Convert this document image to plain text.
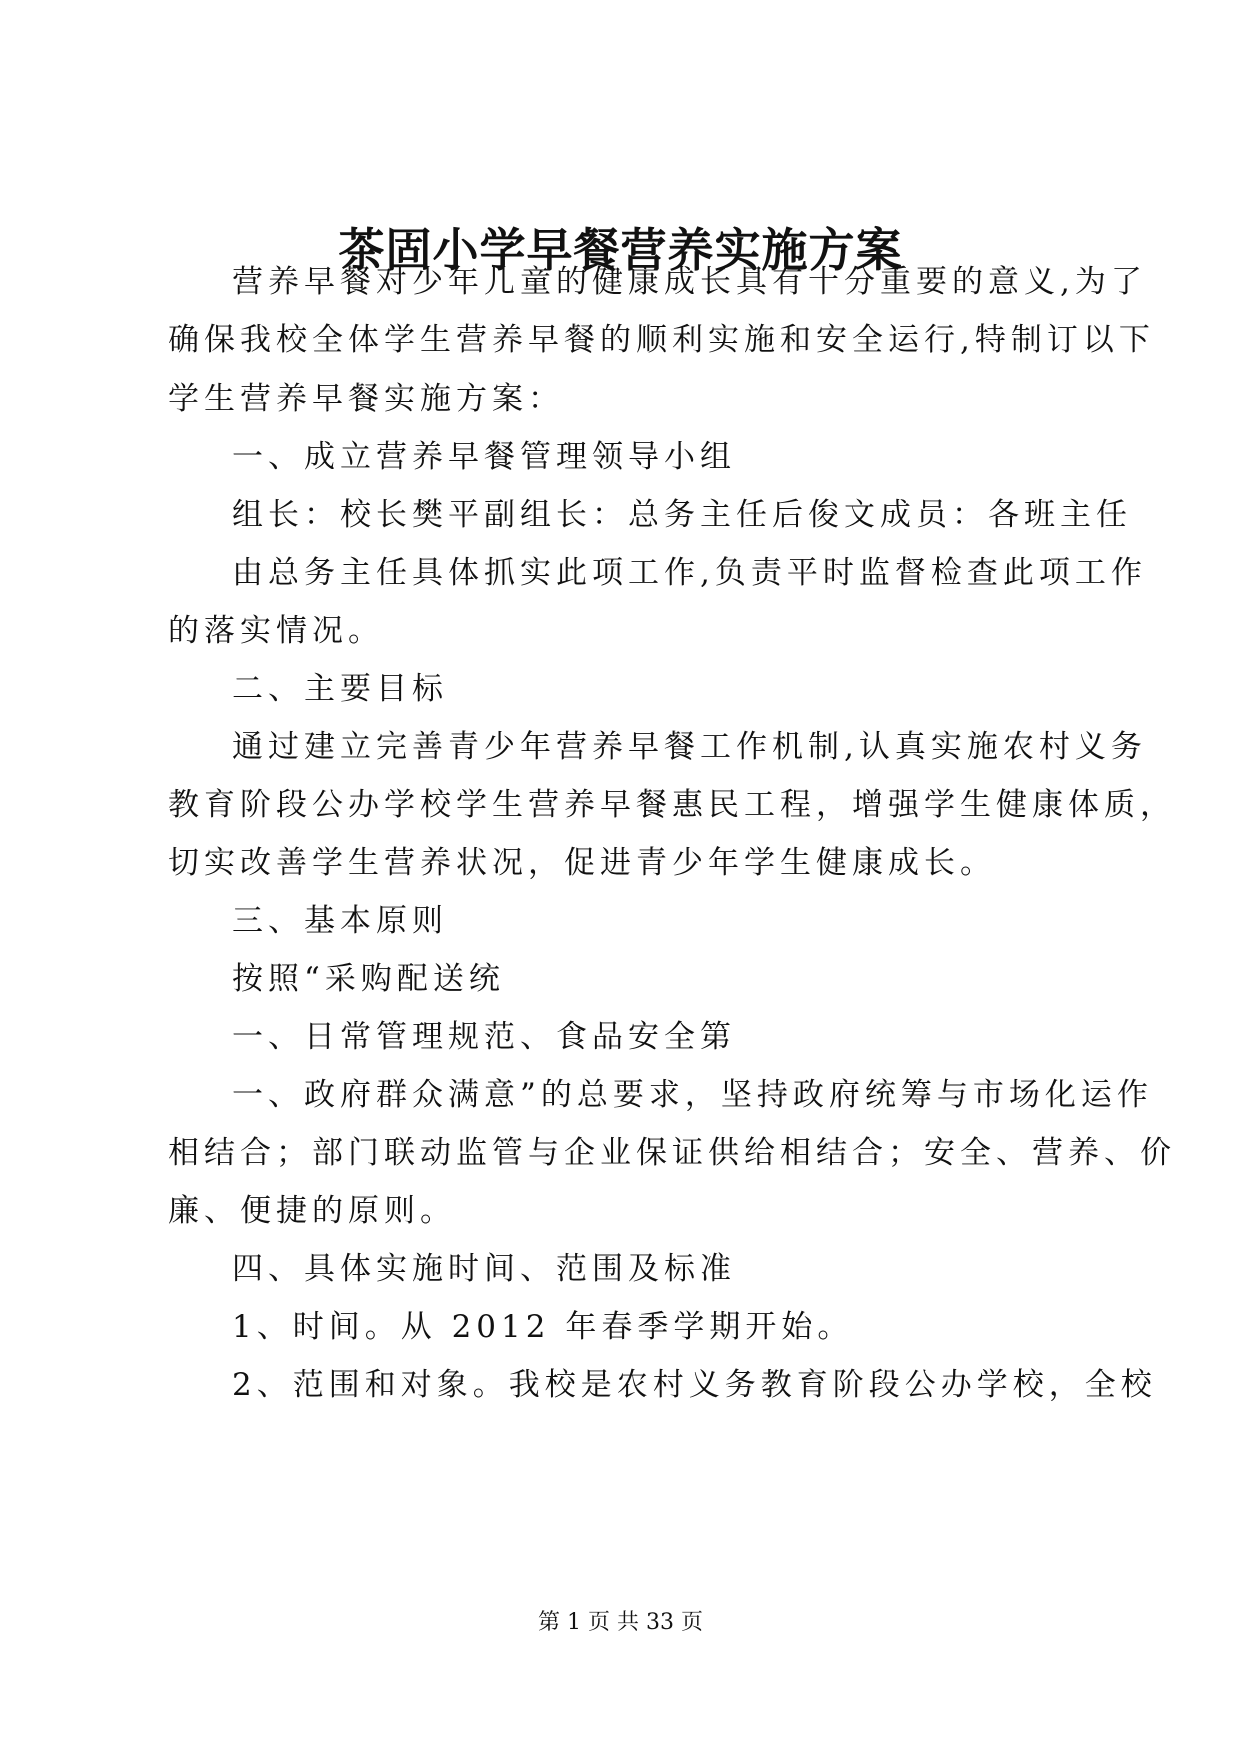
茶固小学早餐营养实施方案
营养早餐对少年儿童的健康成长具有十分重要的意义,为了
确保我校全体学生营养早餐的顺利实施和安全运行,特制订以下
学生营养早餐实施方案：
一、成立营养早餐管理领导小组
组长：校长樊平副组长：总务主任后俊文成员：各班主任
由总务主任具体抓实此项工作,负责平时监督检查此项工作
的落实情况。
二、主要目标
通过建立完善青少年营养早餐工作机制,认真实施农村义务
教育阶段公办学校学生营养早餐惠民工程，增强学生健康体质，
切实改善学生营养状况，促进青少年学生健康成长。
三、基本原则
按照“采购配送统
一、日常管理规范、食品安全第
一、政府群众满意”的总要求，坚持政府统筹与市场化运作
相结合；部门联动监管与企业保证供给相结合；安全、营养、价
廉、便捷的原则。
四、具体实施时间、范围及标准
1、时间。从 2012 年春季学期开始。
2、范围和对象。我校是农村义务教育阶段公办学校，全校
第 1 页 共 33 页
